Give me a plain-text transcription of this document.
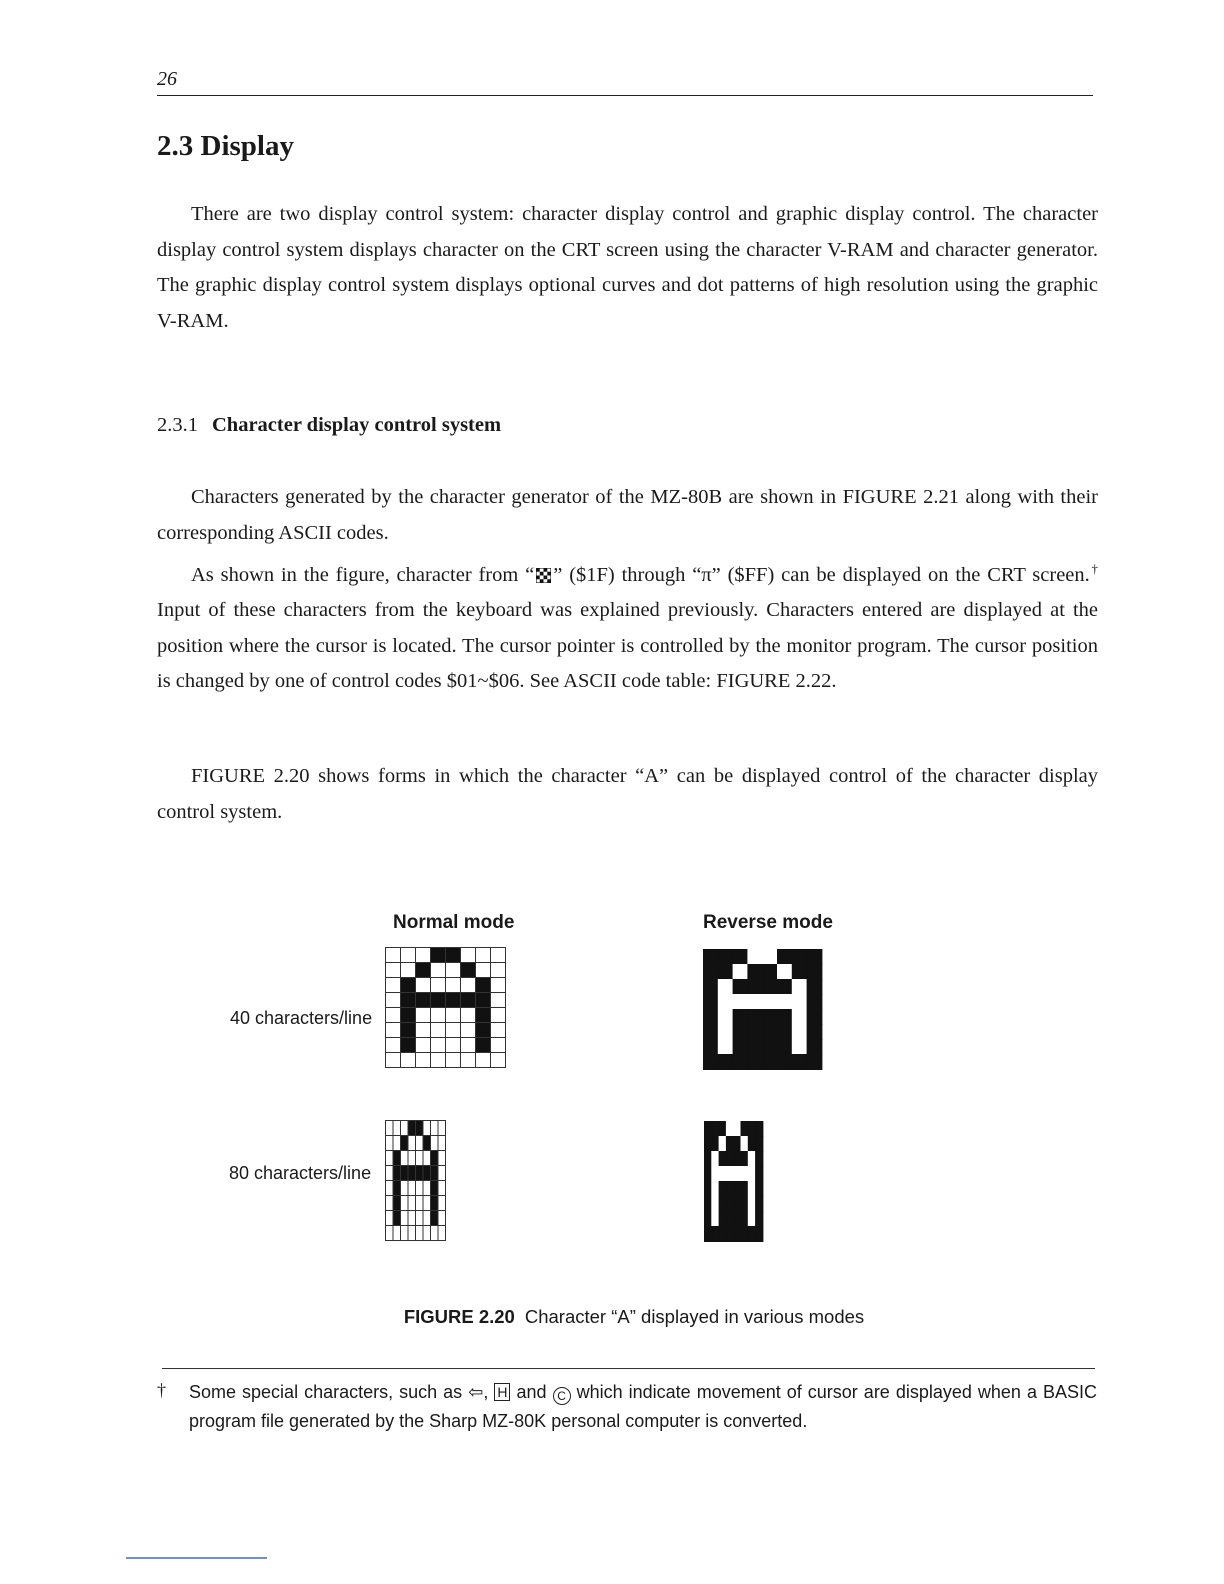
26
2.3 Display

There are two display control system: character display control and graphic display control. The character display control system displays character on the CRT screen using the character V-RAM and character generator. The graphic display control system displays optional curves and dot patterns of high resolution using the graphic V-RAM.

2.3.1 Character display control system

Characters generated by the character generator of the MZ-80B are shown in FIGURE 2.21 along with their corresponding ASCII codes.

As shown in the figure, character from “ ” ($1F) through “π” ($FF) can be displayed on the CRT screen.† Input of these characters from the keyboard was explained previously. Characters entered are displayed at the position where the cursor is located. The cursor pointer is controlled by the monitor program. The cursor position is changed by one of control codes $01~$06. See ASCII code table: FIGURE 2.22.

FIGURE 2.20 shows forms in which the character “A” can be displayed control of the character display control system.

Normal mode	Reverse mode
40 characters/line
80 characters/line
FIGURE 2.20 Character “A” displayed in various modes
† Some special characters, such as ⇦, H and C which indicate movement of cursor are displayed when a BASIC program file generated by the Sharp MZ-80K personal computer is converted.
